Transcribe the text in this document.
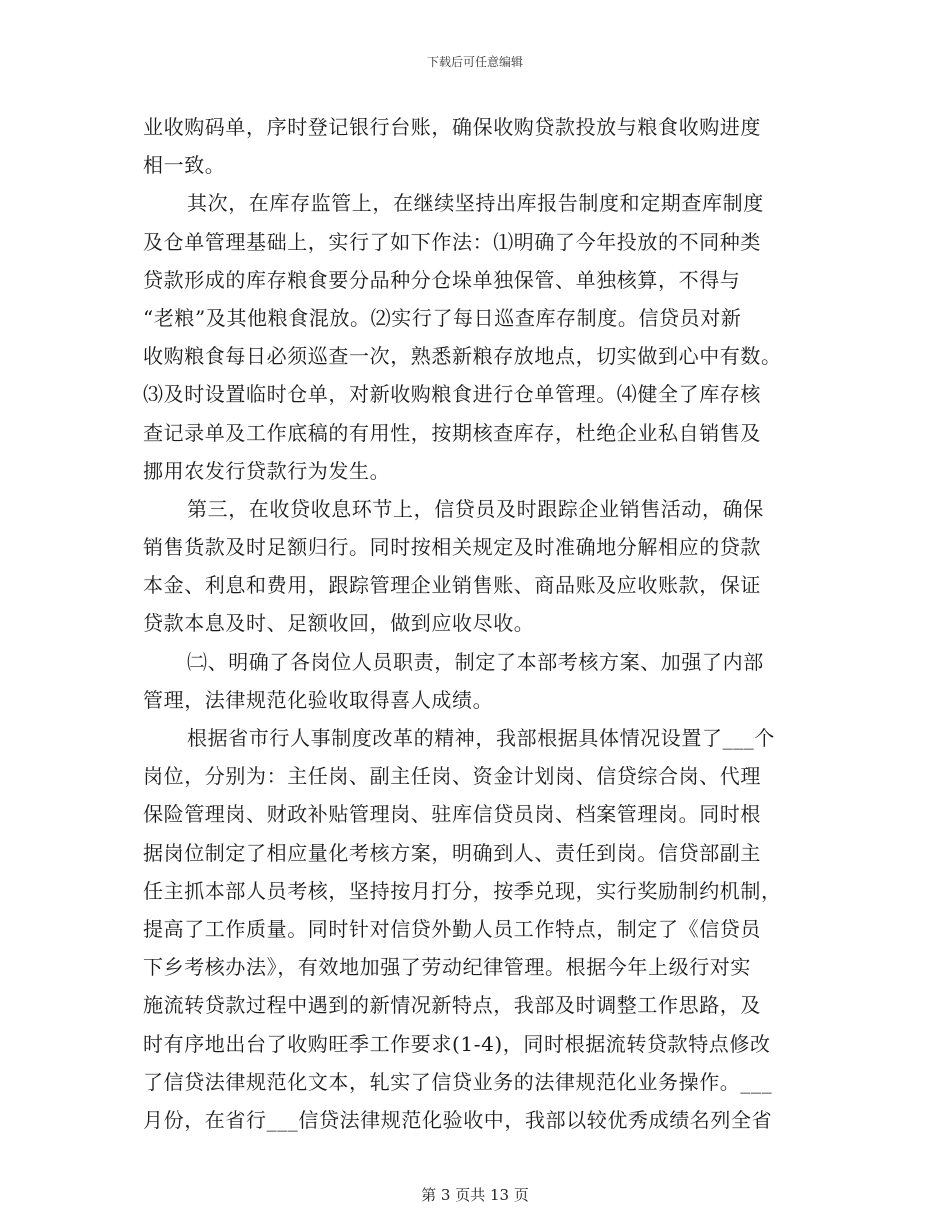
下载后可任意编辑
业收购码单，序时登记银行台账，确保收购贷款投放与粮食收购进度
相一致。
其次，在库存监管上，在继续坚持出库报告制度和定期查库制度
及仓单管理基础上，实行了如下作法：⑴明确了今年投放的不同种类
贷款形成的库存粮食要分品种分仓垛单独保管、单独核算，不得与
“老粮”及其他粮食混放。⑵实行了每日巡查库存制度。信贷员对新
收购粮食每日必须巡查一次，熟悉新粮存放地点，切实做到心中有数。
⑶及时设置临时仓单，对新收购粮食进行仓单管理。⑷健全了库存核
查记录单及工作底稿的有用性，按期核查库存，杜绝企业私自销售及
挪用农发行贷款行为发生。
第三，在收贷收息环节上，信贷员及时跟踪企业销售活动，确保
销售货款及时足额归行。同时按相关规定及时准确地分解相应的贷款
本金、利息和费用，跟踪管理企业销售账、商品账及应收账款，保证
贷款本息及时、足额收回，做到应收尽收。
㈡、明确了各岗位人员职责，制定了本部考核方案、加强了内部
管理，法律规范化验收取得喜人成绩。
根据省市行人事制度改革的精神，我部根据具体情况设置了___个
岗位，分别为：主任岗、副主任岗、资金计划岗、信贷综合岗、代理
保险管理岗、财政补贴管理岗、驻库信贷员岗、档案管理岗。同时根
据岗位制定了相应量化考核方案，明确到人、责任到岗。信贷部副主
任主抓本部人员考核，坚持按月打分，按季兑现，实行奖励制约机制，
提高了工作质量。同时针对信贷外勤人员工作特点，制定了《信贷员
下乡考核办法》，有效地加强了劳动纪律管理。根据今年上级行对实
施流转贷款过程中遇到的新情况新特点，我部及时调整工作思路，及
时有序地出台了收购旺季工作要求(1-4)，同时根据流转贷款特点修改
了信贷法律规范化文本，轧实了信贷业务的法律规范化业务操作。___
月份，在省行___信贷法律规范化验收中，我部以较优秀成绩名列全省
第 3 页共 13 页
